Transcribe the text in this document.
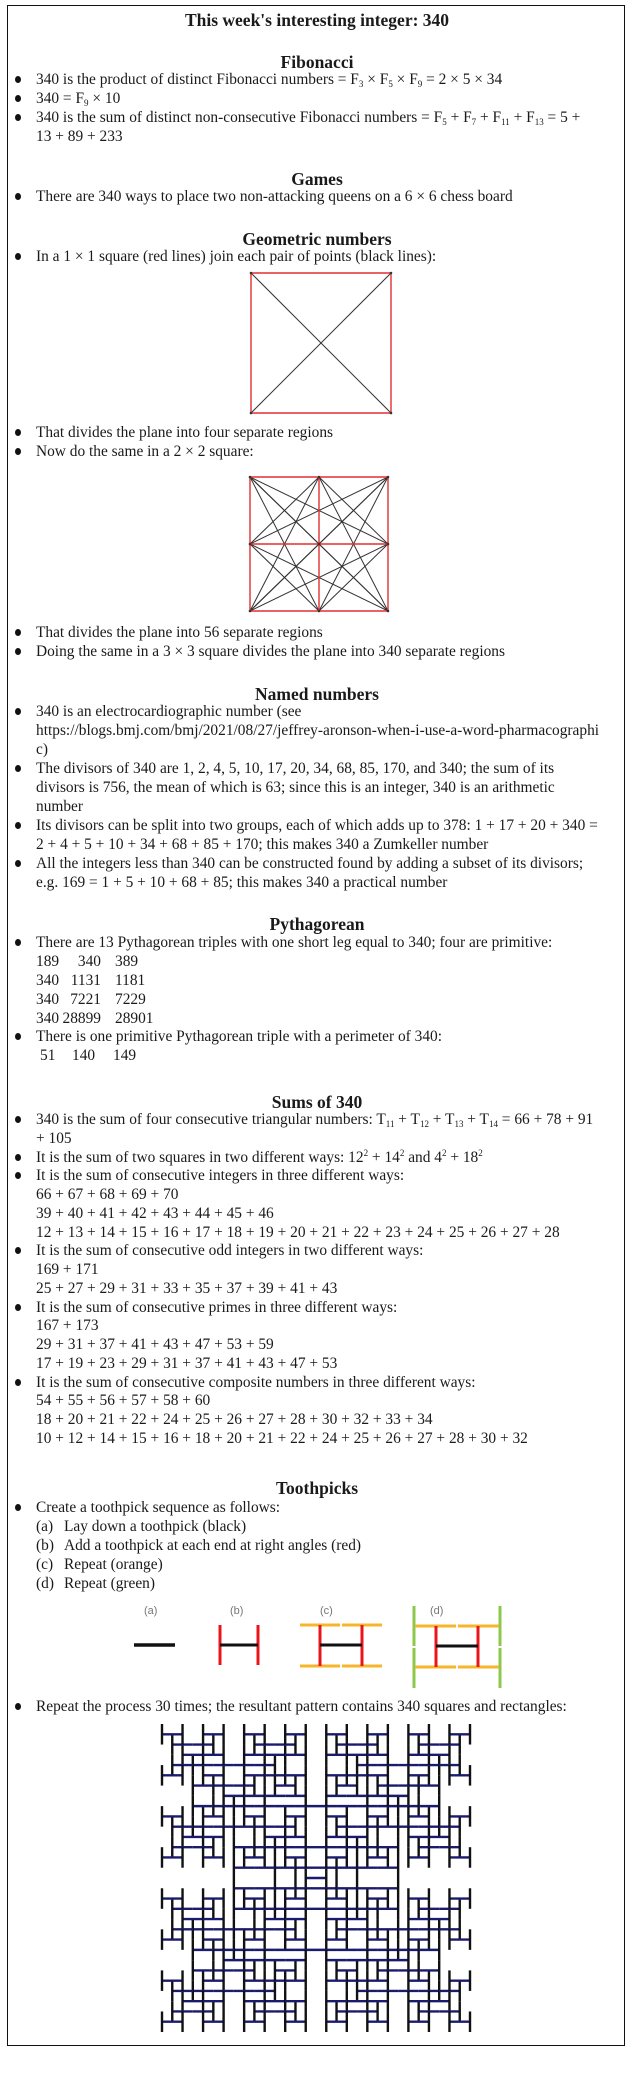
This week's interesting integer: 340
Fibonacci
340 is the product of distinct Fibonacci numbers = $F_3 \times F_5 \times F_9 = 2 \times 5 \times 34$
$340 = F_9 \times 10$
340 is the sum of distinct non-consecutive Fibonacci numbers = $F_5 + F_7 + F_{11} + F_{13} = 5$ +
13 + 89 + 233
Games
There are 340 ways to place two non-attacking queens on a 6 × 6 chess board
Geometric numbers
In a 1 × 1 square (red lines) join each pair of points (black lines):
That divides the plane into four separate regions
Now do the same in a 2 × 2 square:
That divides the plane into 56 separate regions
Doing the same in a 3 × 3 square divides the plane into 340 separate regions
Named numbers
340 is an electrocardiographic number (see
https://blogs.bmj.com/bmj/2021/08/27/jeffrey-aronson-when-i-use-a-word-pharmacographi
c)
The divisors of 340 are 1, 2, 4, 5, 10, 17, 20, 34, 68, 85, 170, and 340; the sum of its
divisors is 756, the mean of which is 63; since this is an integer, 340 is an arithmetic
number
Its divisors can be split into two groups, each of which adds up to 378: 1 + 17 + 20 + 340 =
2 + 4 + 5 + 10 + 34 + 68 + 85 + 170; this makes 340 a Zumkeller number
All the integers less than 340 can be constructed found by adding a subset of its divisors;
e.g. 169 = 1 + 5 + 10 + 68 + 85; this makes 340 a practical number
Pythagorean
There are 13 Pythagorean triples with one short leg equal to 340; four are primitive:
189 340 389
340 1131 1181
340 7221 7229
340 28899 28901
There is one primitive Pythagorean triple with a perimeter of 340:
51 140 149
Sums of 340
340 is the sum of four consecutive triangular numbers: $T_{11} + T_{12} + T_{13} + T_{14} = 66 + 78 + 91$
+ 105
It is the sum of two squares in two different ways: $12^2 + 14^2$ and $4^2 + 18^2$
It is the sum of consecutive integers in three different ways:
66 + 67 + 68 + 69 + 70
39 + 40 + 41 + 42 + 43 + 44 + 45 + 46
12 + 13 + 14 + 15 + 16 + 17 + 18 + 19 + 20 + 21 + 22 + 23 + 24 + 25 + 26 + 27 + 28
It is the sum of consecutive odd integers in two different ways:
169 + 171
25 + 27 + 29 + 31 + 33 + 35 + 37 + 39 + 41 + 43
It is the sum of consecutive primes in three different ways:
167 + 173
29 + 31 + 37 + 41 + 43 + 47 + 53 + 59
17 + 19 + 23 + 29 + 31 + 37 + 41 + 43 + 47 + 53
It is the sum of consecutive composite numbers in three different ways:
54 + 55 + 56 + 57 + 58 + 60
18 + 20 + 21 + 22 + 24 + 25 + 26 + 27 + 28 + 30 + 32 + 33 + 34
10 + 12 + 14 + 15 + 16 + 18 + 20 + 21 + 22 + 24 + 25 + 26 + 27 + 28 + 30 + 32
Toothpicks
Create a toothpick sequence as follows:
(a) Lay down a toothpick (black)
(b) Add a toothpick at each end at right angles (red)
(c) Repeat (orange)
(d) Repeat (green)
(a)	(b)	(c)	(d)
Repeat the process 30 times; the resultant pattern contains 340 squares and rectangles:
